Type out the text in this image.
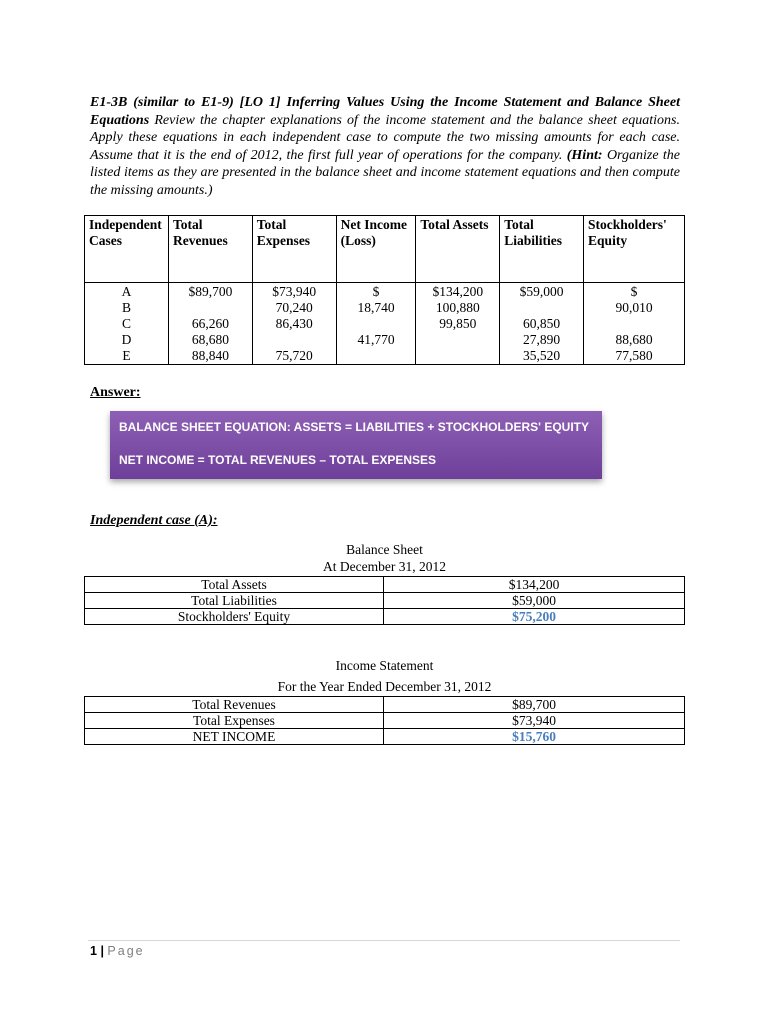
E1-3B (similar to E1-9) [LO 1] Inferring Values Using the Income Statement and Balance Sheet Equations Review the chapter explanations of the income statement and the balance sheet equations. Apply these equations in each independent case to compute the two missing amounts for each case. Assume that it is the end of 2012, the first full year of operations for the company. (Hint: Organize the listed items as they are presented in the balance sheet and income statement equations and then compute the missing amounts.)
Independent Cases	Total Revenues	Total Expenses	Net Income (Loss)	Total Assets	Total Liabilities	Stockholders' Equity
A	$89,700	$73,940	$	$134,200	$59,000	$
B		70,240	18,740	100,880		90,010
C	66,260	86,430		99,850	60,850	
D	68,680		41,770		27,890	88,680
E	88,840	75,720			35,520	77,580
Answer:
BALANCE SHEET EQUATION: ASSETS = LIABILITIES + STOCKHOLDERS' EQUITY
NET INCOME = TOTAL REVENUES – TOTAL EXPENSES
Independent case (A):
Balance Sheet
At December 31, 2012
Total Assets	$134,200
Total Liabilities	$59,000
Stockholders' Equity	$75,200
Income Statement
For the Year Ended December 31, 2012
Total Revenues	$89,700
Total Expenses	$73,940
NET INCOME	$15,760
1 | Page
